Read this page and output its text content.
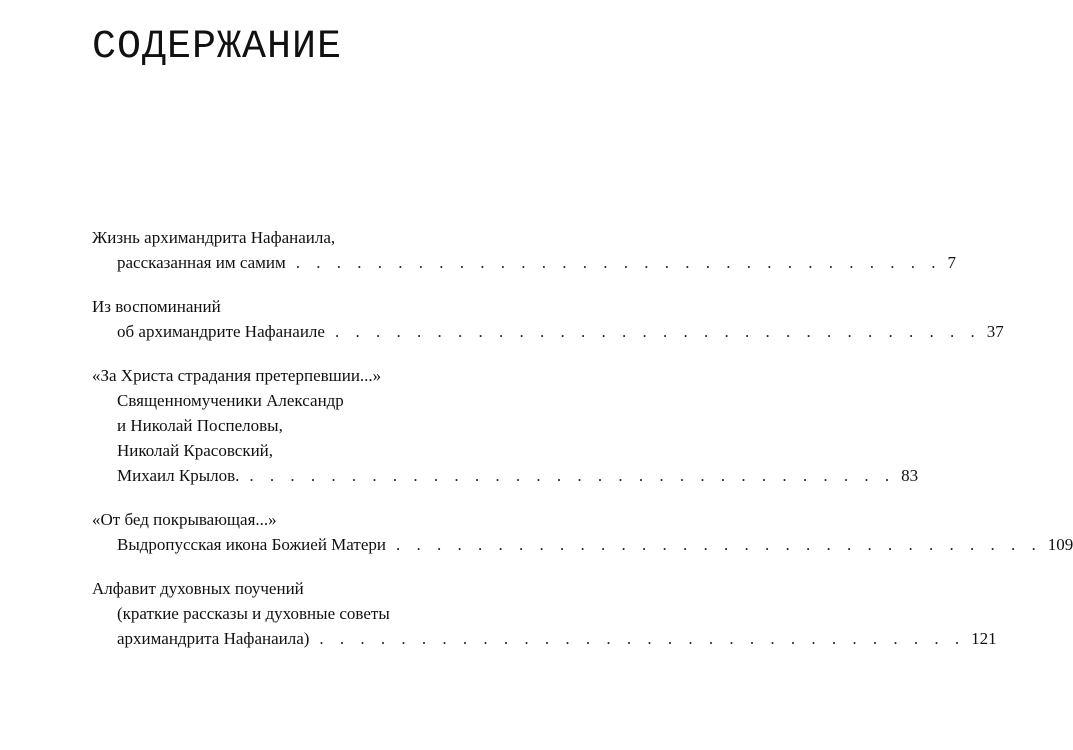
СОДЕРЖАНИЕ
Жизнь архимандрита Нафанаила,
рассказанная им самим . . . . . . . . . . . . . . . . . . . . . . . . . . . . . . . . 7
Из воспоминаний
об архимандрите Нафанаиле . . . . . . . . . . . . . . . . . . . . . . . . . . . . . . . . 37
«За Христа страдания претерпевшии...»
Священномученики Александр
и Николай Поспеловы,
Николай Красовский,
Михаил Крылов. . . . . . . . . . . . . . . . . . . . . . . . . . . . . . . . . 83
«От бед покрывающая...»
Выдропусская икона Божией Матери . . . . . . . . . . . . . . . . . . . . . . . . . . . . . . . . 109
Алфавит духовных поучений
(краткие рассказы и духовные советы
архимандрита Нафанаила) . . . . . . . . . . . . . . . . . . . . . . . . . . . . . . . . 121
